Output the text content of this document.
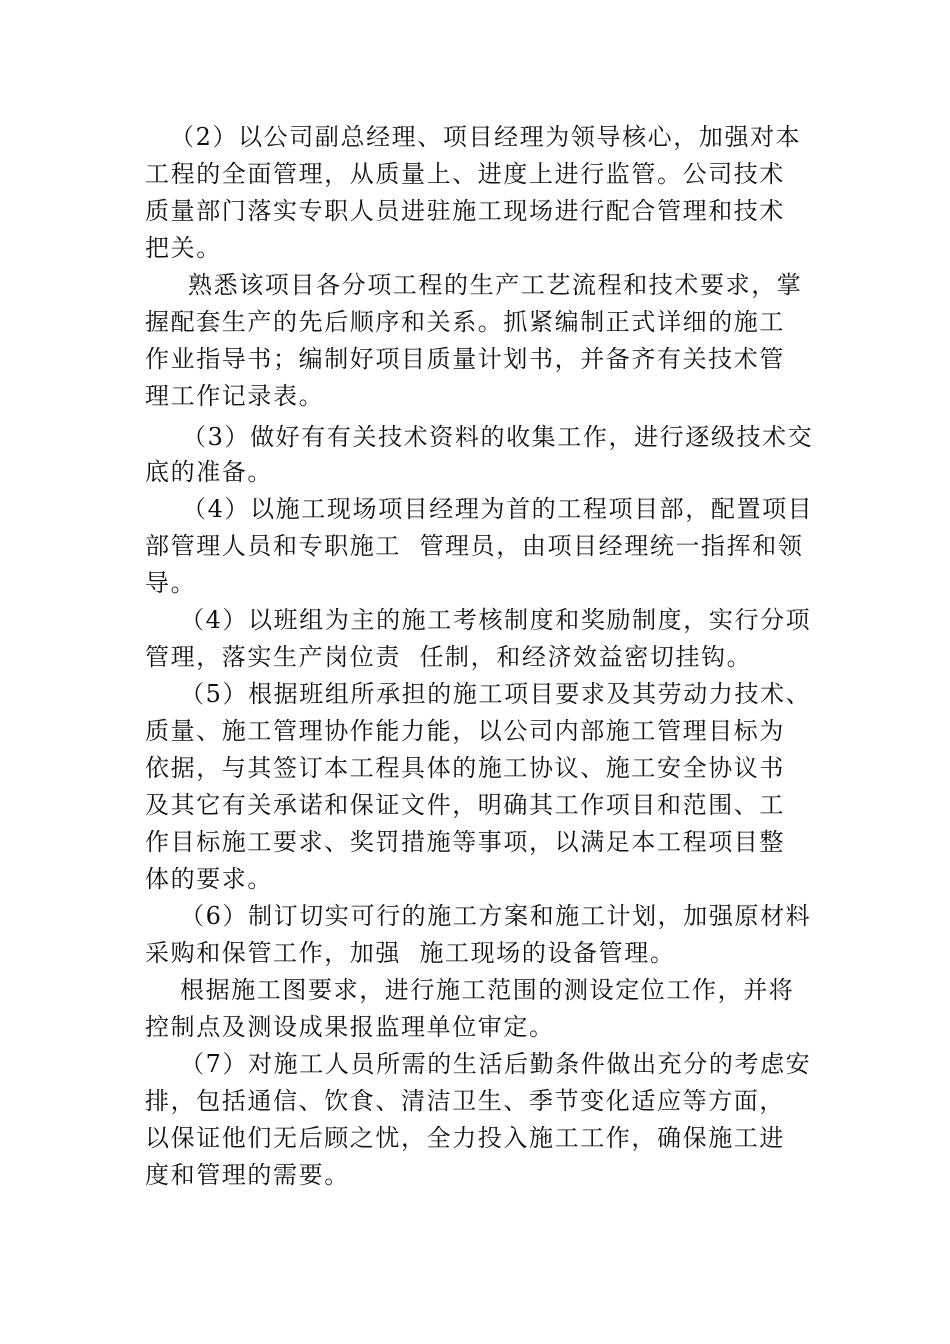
（2）以公司副总经理、项目经理为领导核心，加强对本
工程的全面管理，从质量上、进度上进行监管。公司技术
质量部门落实专职人员进驻施工现场进行配合管理和技术
把关。
熟悉该项目各分项工程的生产工艺流程和技术要求，掌
握配套生产的先后顺序和关系。抓紧编制正式详细的施工
作业指导书；编制好项目质量计划书，并备齐有关技术管
理工作记录表。
（3）做好有有关技术资料的收集工作，进行逐级技术交
底的准备。
（4）以施工现场项目经理为首的工程项目部，配置项目
部管理人员和专职施工  管理员，由项目经理统一指挥和领
导。
（4）以班组为主的施工考核制度和奖励制度，实行分项
管理，落实生产岗位责  任制，和经济效益密切挂钩。
（5）根据班组所承担的施工项目要求及其劳动力技术、
质量、施工管理协作能力能，以公司内部施工管理目标为
依据，与其签订本工程具体的施工协议、施工安全协议书
及其它有关承诺和保证文件，明确其工作项目和范围、工
作目标施工要求、奖罚措施等事项，以满足本工程项目整
体的要求。
（6）制订切实可行的施工方案和施工计划，加强原材料
采购和保管工作，加强  施工现场的设备管理。
根据施工图要求，进行施工范围的测设定位工作，并将
控制点及测设成果报监理单位审定。
（7）对施工人员所需的生活后勤条件做出充分的考虑安
排，包括通信、饮食、清洁卫生、季节变化适应等方面，
以保证他们无后顾之忧，全力投入施工工作，确保施工进
度和管理的需要。
